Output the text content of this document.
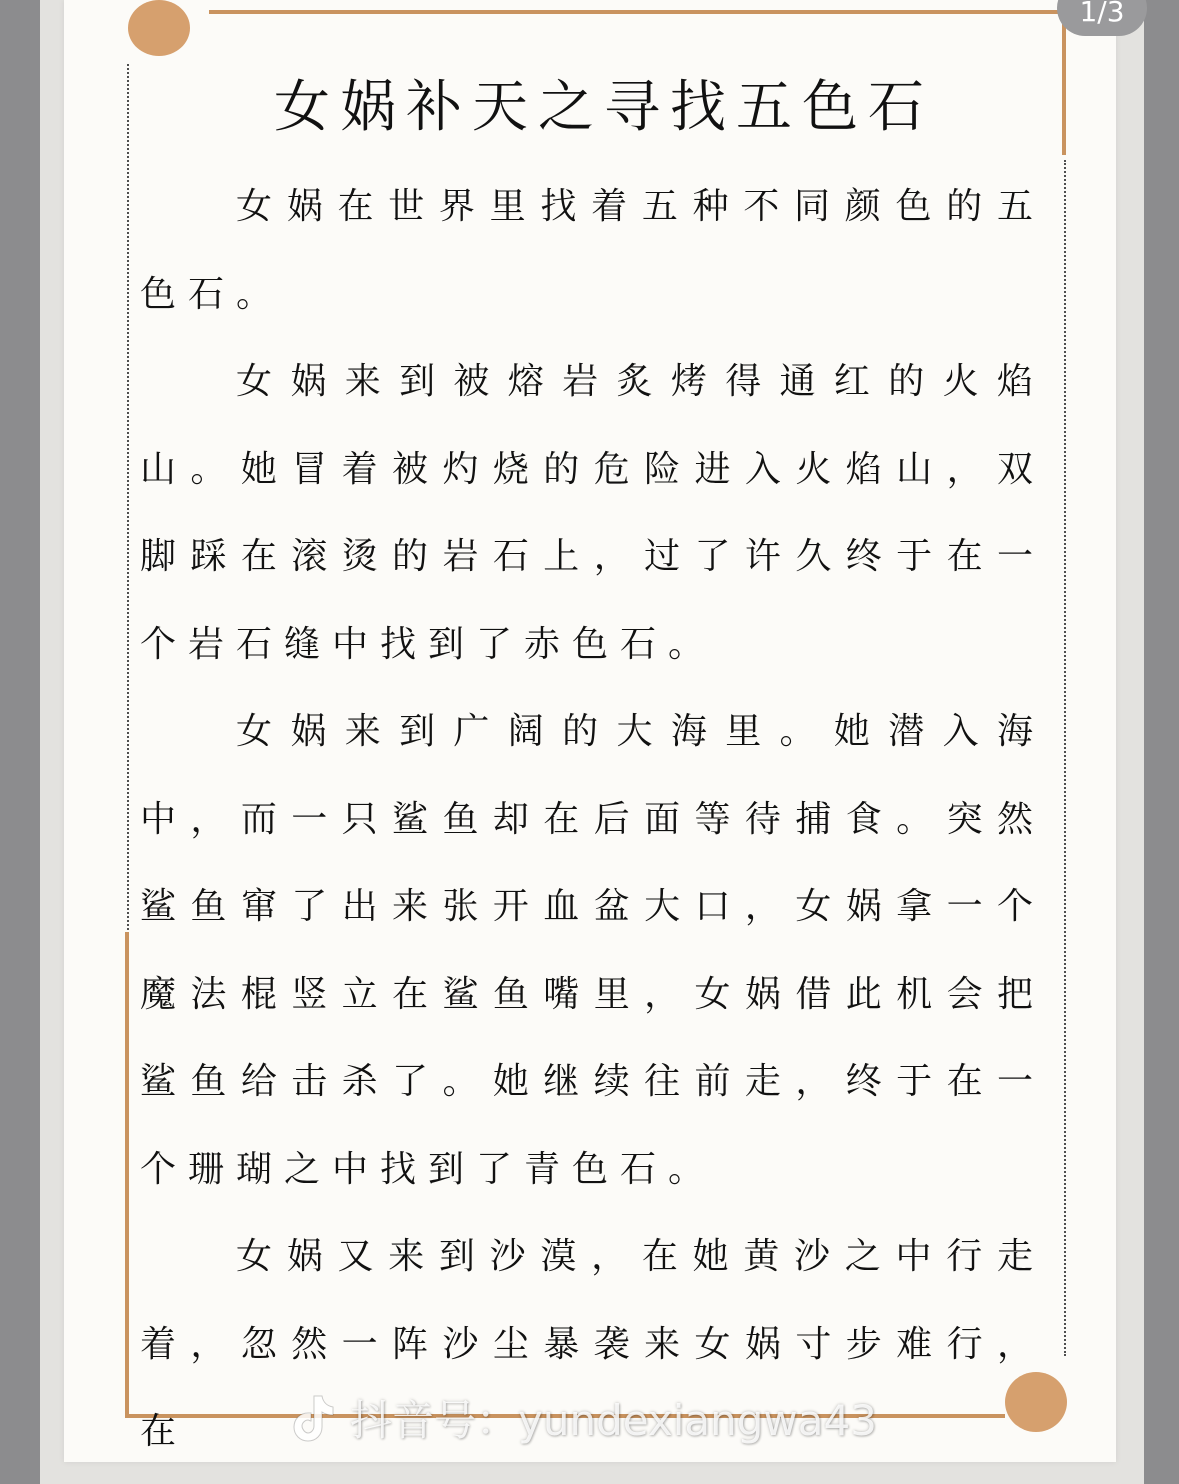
1/3
女娲补天之寻找五色石

女娲在世界里找着五种不同颜色的五色石。

女娲来到被熔岩炙烤得通红的火焰山。她冒着被灼烧的危险进入火焰山，双脚踩在滚烫的岩石上，过了许久终于在一个岩石缝中找到了赤色石。

女娲来到广阔的大海里。她潜入海中，而一只鲨鱼却在后面等待捕食。突然鲨鱼窜了出来张开血盆大口，女娲拿一个魔法棍竖立在鲨鱼嘴里，女娲借此机会把鲨鱼给击杀了。她继续往前走，终于在一个珊瑚之中找到了青色石。

女娲又来到沙漠，在她黄沙之中行走着，忽然一阵沙尘暴袭来女娲寸步难行，在	抖音号：yundexiangwa43
